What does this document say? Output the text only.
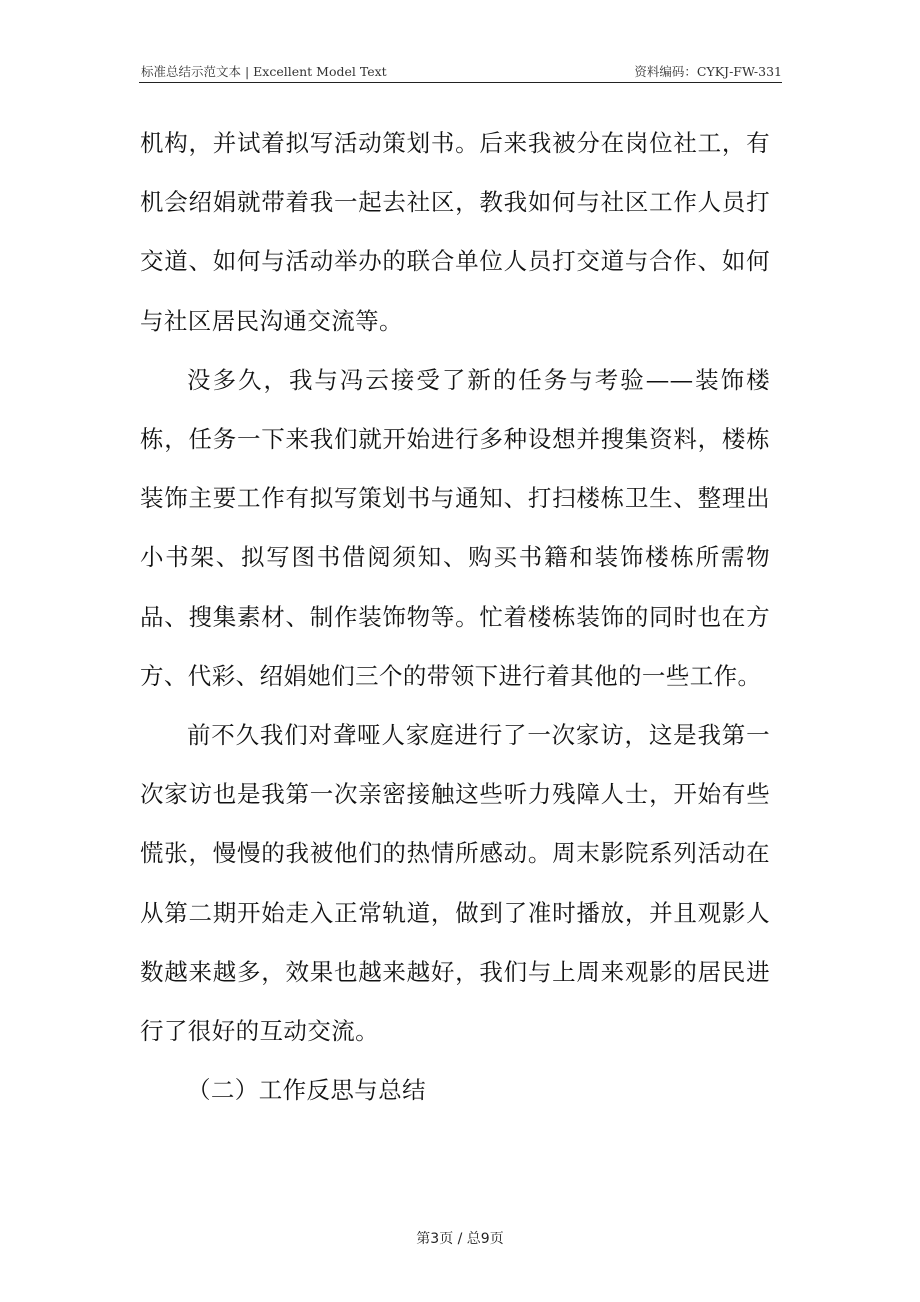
标准总结示范文本 | Excellent Model Text	资料编码：CYKJ-FW-331

机构，并试着拟写活动策划书。后来我被分在岗位社工，有机会绍娟就带着我一起去社区，教我如何与社区工作人员打交道、如何与活动举办的联合单位人员打交道与合作、如何与社区居民沟通交流等。

没多久，我与冯云接受了新的任务与考验——装饰楼栋，任务一下来我们就开始进行多种设想并搜集资料，楼栋装饰主要工作有拟写策划书与通知、打扫楼栋卫生、整理出小书架、拟写图书借阅须知、购买书籍和装饰楼栋所需物品、搜集素材、制作装饰物等。忙着楼栋装饰的同时也在方方、代彩、绍娟她们三个的带领下进行着其他的一些工作。

前不久我们对聋哑人家庭进行了一次家访，这是我第一次家访也是我第一次亲密接触这些听力残障人士，开始有些慌张，慢慢的我被他们的热情所感动。周末影院系列活动在从第二期开始走入正常轨道，做到了准时播放，并且观影人数越来越多，效果也越来越好，我们与上周来观影的居民进行了很好的互动交流。

（二）工作反思与总结

第3页 / 总9页
